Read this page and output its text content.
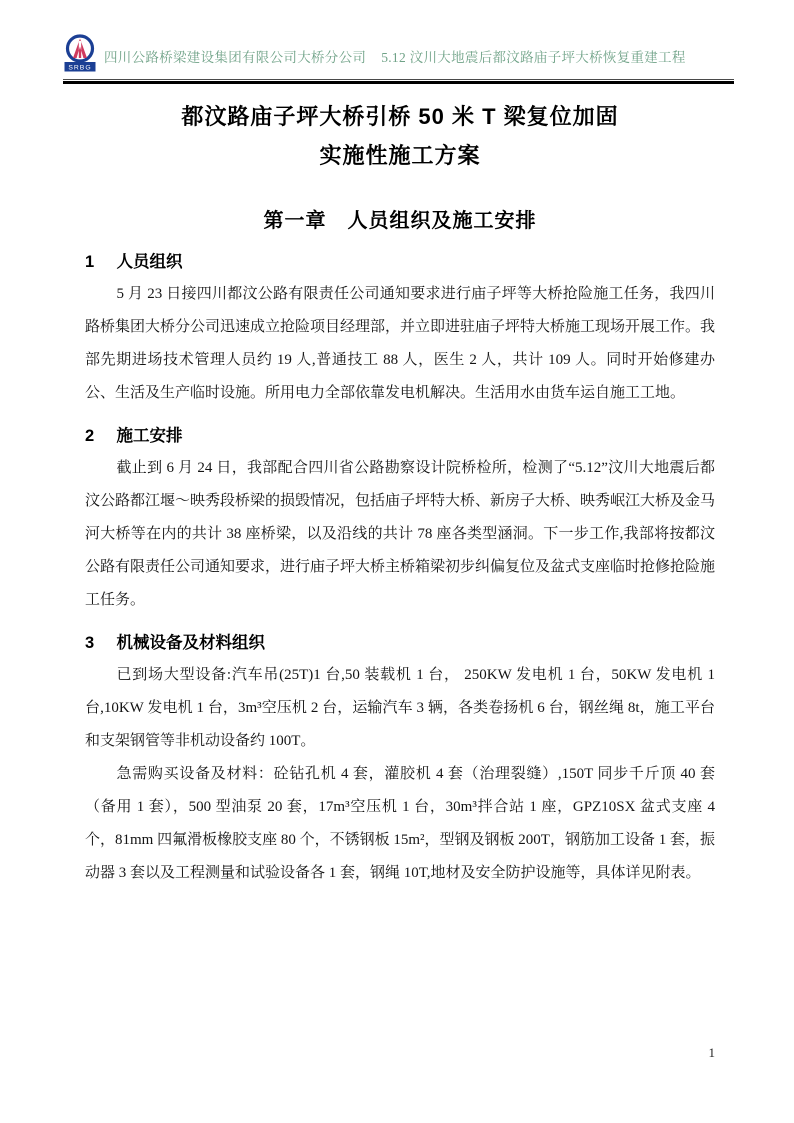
SRBG
四川公路桥梁建设集团有限公司大桥分公司 5.12 汶川大地震后都汶路庙子坪大桥恢复重建工程
都汶路庙子坪大桥引桥 50 米 T 梁复位加固
实施性施工方案
第一章　人员组织及施工安排
1 人员组织

5 月 23 日接四川都汶公路有限责任公司通知要求进行庙子坪等大桥抢险施工任务，我四川路桥集团大桥分公司迅速成立抢险项目经理部，并立即进驻庙子坪特大桥施工现场开展工作。我部先期进场技术管理人员约 19 人,普通技工 88 人，医生 2 人，共计 109 人。同时开始修建办公、生活及生产临时设施。所用电力全部依靠发电机解决。生活用水由货车运自施工工地。

2 施工安排

截止到 6 月 24 日，我部配合四川省公路勘察设计院桥检所，检测了“5.12”汶川大地震后都汶公路都江堰～映秀段桥梁的损毁情况，包括庙子坪特大桥、新房子大桥、映秀岷江大桥及金马河大桥等在内的共计 38 座桥梁，以及沿线的共计 78 座各类型涵洞。下一步工作,我部将按都汶公路有限责任公司通知要求，进行庙子坪大桥主桥箱梁初步纠偏复位及盆式支座临时抢修抢险施工任务。

3 机械设备及材料组织

已到场大型设备:汽车吊(25T)1 台,50 装载机 1 台， 250KW 发电机 1 台，50KW 发电机 1 台,10KW 发电机 1 台，3m³空压机 2 台，运输汽车 3 辆，各类卷扬机 6 台，钢丝绳 8t，施工平台和支架钢管等非机动设备约 100T。

急需购买设备及材料：砼钻孔机 4 套，灌胶机 4 套（治理裂缝）,150T 同步千斤顶 40 套（备用 1 套），500 型油泵 20 套，17m³空压机 1 台，30m³拌合站 1 座，GPZ10SX 盆式支座 4 个，81mm 四氟滑板橡胶支座 80 个，不锈钢板 15m²，型钢及钢板 200T，钢筋加工设备 1 套，振动器 3 套以及工程测量和试验设备各 1 套，钢绳 10T,地材及安全防护设施等，具体详见附表。

1
